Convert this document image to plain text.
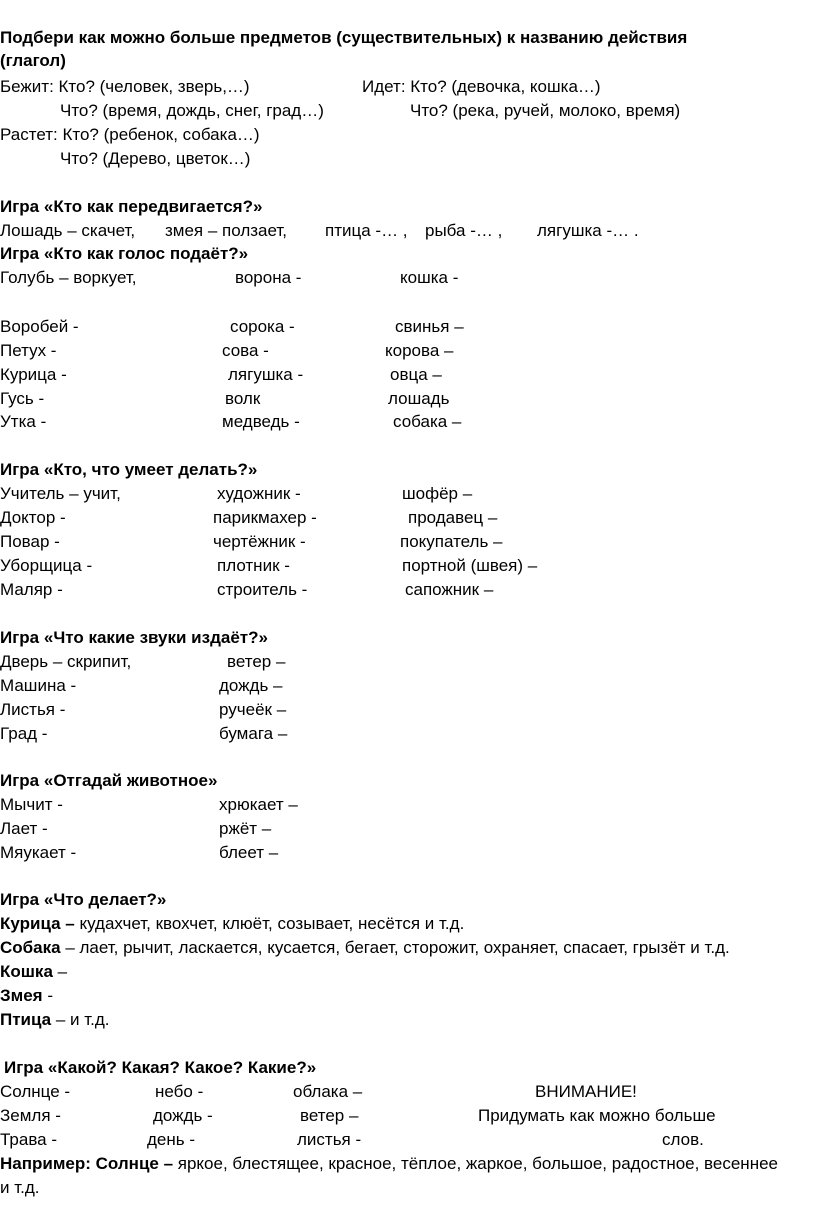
Подбери как можно больше предметов (существительных) к названию действия
(глагол)
Бежит: Кто? (человек, зверь,…)	Идет: Кто? (девочка, кошка…)
Что? (время, дождь, снег, град…)	Что? (река, ручей, молоко, время)
Растет: Кто? (ребенок, собака…)
Что? (Дерево, цветок…)
Игра «Кто как передвигается?»
Лошадь – скачет, змея – ползает, птица -… , рыба -… , лягушка -… .
Игра «Кто как голос подаёт?»
Голубь – воркует,	ворона -	кошка -
Воробей -	сорока -	свинья –
Петух -	сова -	корова –
Курица -	лягушка -	овца –
Гусь -	волк	лошадь
Утка -	медведь -	собака –
Игра «Кто, что умеет делать?»
Учитель – учит,	художник -	шофёр –
Доктор -	парикмахер -	продавец –
Повар -	чертёжник -	покупатель –
Уборщица -	плотник -	портной (швея) –
Маляр -	строитель -	сапожник –
Игра «Что какие звуки издаёт?»
Дверь – скрипит,	ветер –
Машина -	дождь –
Листья -	ручеёк –
Град -	бумага –
Игра «Отгадай животное»
Мычит -	хрюкает –
Лает -	ржёт –
Мяукает -	блеет –
Игра «Что делает?»
Курица – кудахчет, квохчет, клюёт, созывает, несётся и т.д.
Собака – лает, рычит, ласкается, кусается, бегает, сторожит, охраняет, спасает, грызёт и т.д.
Кошка –
Змея -
Птица – и т.д.
Игра «Какой? Какая? Какое? Какие?»
Солнце -	небо -	облака –	ВНИМАНИЕ!
Земля -	дождь -	ветер –	Придумать как можно больше
Трава -	день -	листья -	слов.
Например: Солнце – яркое, блестящее, красное, тёплое, жаркое, большое, радостное, весеннее
и т.д.
